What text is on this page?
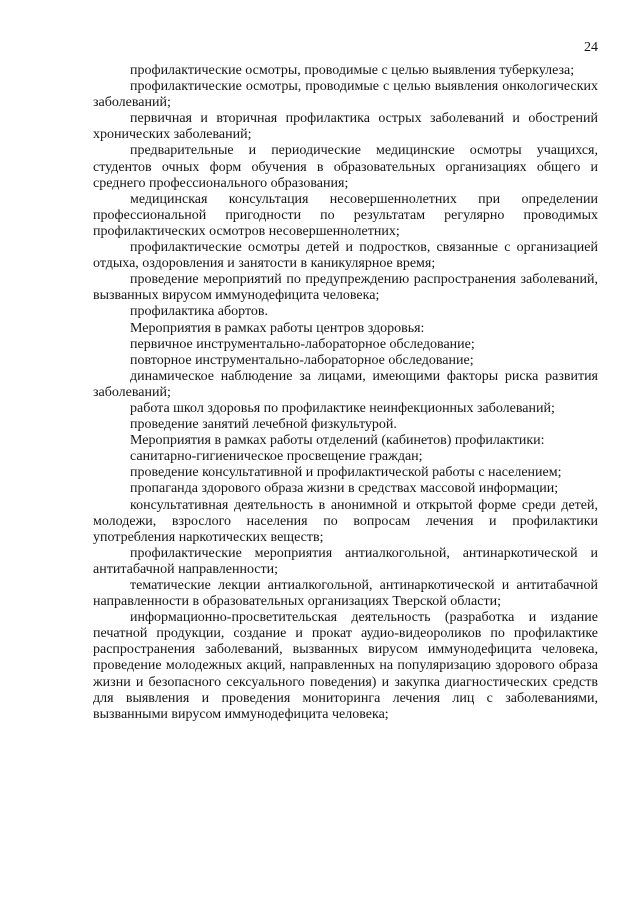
24

профилактические осмотры, проводимые с целью выявления туберкулеза;

профилактические осмотры, проводимые с целью выявления онкологических заболеваний;

первичная и вторичная профилактика острых заболеваний и обострений хронических заболеваний;

предварительные и периодические медицинские осмотры учащихся, студентов очных форм обучения в образовательных организациях общего и среднего профессионального образования;

медицинская консультация несовершеннолетних при определении профессиональной пригодности по результатам регулярно проводимых профилактических осмотров несовершеннолетних;

профилактические осмотры детей и подростков, связанные с организацией отдыха, оздоровления и занятости в каникулярное время;

проведение мероприятий по предупреждению распространения заболеваний, вызванных вирусом иммунодефицита человека;

профилактика абортов.

Мероприятия в рамках работы центров здоровья:

первичное инструментально-лабораторное обследование;

повторное инструментально-лабораторное обследование;

динамическое наблюдение за лицами, имеющими факторы риска развития заболеваний;

работа школ здоровья по профилактике неинфекционных заболеваний;

проведение занятий лечебной физкультурой.

Мероприятия в рамках работы отделений (кабинетов) профилактики:

санитарно-гигиеническое просвещение граждан;

проведение консультативной и профилактической работы с населением;

пропаганда здорового образа жизни в средствах массовой информации;

консультативная деятельность в анонимной и открытой форме среди детей, молодежи, взрослого населения по вопросам лечения и профилактики употребления наркотических веществ;

профилактические мероприятия антиалкогольной, антинаркотической и антитабачной направленности;

тематические лекции антиалкогольной, антинаркотической и антитабачной направленности в образовательных организациях Тверской области;

информационно-просветительская деятельность (разработка и издание печатной продукции, создание и прокат аудио-видеороликов по профилактике распространения заболеваний, вызванных вирусом иммунодефицита человека, проведение молодежных акций, направленных на популяризацию здорового образа жизни и безопасного сексуального поведения) и закупка диагностических средств для выявления и проведения мониторинга лечения лиц с заболеваниями, вызванными вирусом иммунодефицита человека;
